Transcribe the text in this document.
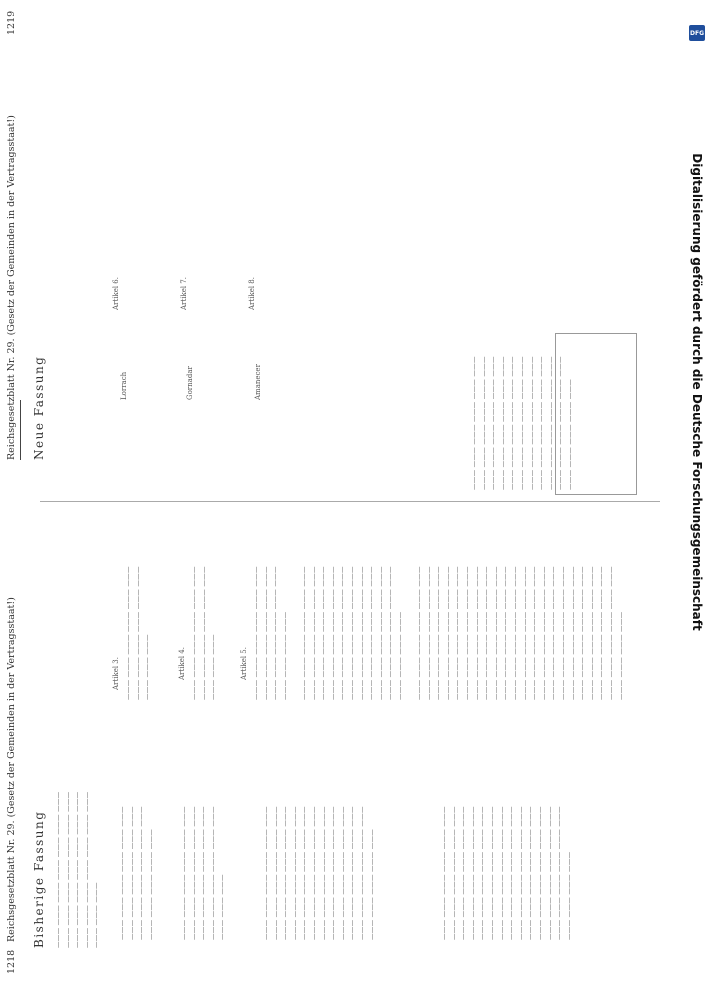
1218
Reichsgesetzblatt Nr. 29. (Gesetz der Gemeinden in der Vertragsstaat!) Bisherige Fassung ——— ——— ——— ——— ——— ——— ——— ——— ——— ——— ——— ——— ——— ——— ——— ——— ——— ——— ——— ——— ——— ——— ——— ——— ——— ——— ——— ——— ——— ——— ———	——— ——— ——— ——— ——— ——— ——— ——— ——— ——— ——— ——— ——— ——— ——— ——— ——— ——— ——— ——— ——— ——— ———	——— ——— ——— ——— ——— ——— ——— ——— ——— ——— ——— ——— ——— ——— ——— ——— ——— ——— ——— ——— ——— ——— ——— ——— ——— ——— ———	——— ——— ——— ——— ——— ——— ——— ——— ——— ——— ——— ——— ——— ——— ——— ——— ——— ——— ——— ——— ——— ——— ——— ——— ——— ——— ——— ——— ——— ——— ——— ——— ——— ——— ——— ——— ——— ——— ——— ——— ——— ——— ——— ——— ——— ——— ——— ——— ——— ——— ——— ——— ——— ——— ——— ——— ——— ——— ——— ——— ——— ——— ——— ——— ——— ——— ——— ——— ——— ——— ———	——— ——— ——— ——— ——— ——— ——— ——— ——— ——— ——— ——— ——— ——— ——— ——— ——— ——— ——— ——— ——— ——— ——— ——— ——— ——— ——— ——— ——— ——— ——— ——— ——— ——— ——— ——— ——— ——— ——— ——— ——— ——— ——— ——— ——— ——— ——— ——— ——— ——— ——— ——— ——— ——— ——— ——— ——— ——— ——— ——— ——— ——— ——— ——— ——— ——— ——— ——— ——— ——— ——— ——— ——— ——— ——— ——— ——— ——— ——— ——— ——— ———
Artikel 3. ——— ——— ——— ——— ——— ——— ——— ——— ——— ——— ——— ——— ——— ——— ———	Artikel 4. ——— ——— ——— ——— ——— ——— ——— ——— ——— ——— ——— ——— ——— ——— ———	Artikel 5. ——— ——— ——— ——— ——— ——— ——— ——— ——— ——— ——— ——— ——— ——— ——— ——— ——— ——— ——— ——— ——— ———
——— ——— ——— ——— ——— ——— ——— ——— ——— ——— ——— ——— ——— ——— ——— ——— ——— ——— ——— ——— ——— ——— ——— ——— ——— ——— ——— ——— ——— ——— ——— ——— ——— ——— ——— ——— ——— ——— ——— ——— ——— ——— ——— ——— ——— ——— ——— ——— ——— ——— ——— ——— ——— ——— ——— ——— ——— ——— ——— ——— ——— ——— ——— ———
——— ——— ——— ——— ——— ——— ——— ——— ——— ——— ——— ——— ——— ——— ——— ——— ——— ——— ——— ——— ——— ——— ——— ——— ——— ——— ——— ——— ——— ——— ——— ——— ——— ——— ——— ——— ——— ——— ——— ——— ——— ——— ——— ——— ——— ——— ——— ——— ——— ——— ——— ——— ——— ——— ——— ——— ——— ——— ——— ——— ——— ——— ——— ——— ——— ——— ——— ——— ——— ——— ——— ——— ——— ——— ——— ——— ——— ——— ——— ——— ——— ——— ——— ——— ——— ——— ——— ——— ——— ——— ——— ——— ——— ——— ——— ——— ——— ——— ——— ——— ——— ——— ——— ——— ——— ——— ——— ——— ——— ——— ——— ——— ——— ——— ——— ——— ——— ——— ——— ——— ——— ——— ——— ——— ——— ——— ——— ——— ——— ———
Reichsgesetzblatt Nr. 29. (Gesetz der Gemeinden in der Vertragsstaat!)
1219
Neue Fassung
Artikel 6.
Lorrach
Artikel 7.
Gornadar
Artikel 8.
Amanecer	——— ——— ——— ——— ——— ——— ——— ——— ——— ——— ——— ——— ——— ——— ——— ——— ——— ——— ——— ——— ——— ——— ——— ——— ——— ——— ——— ——— ——— ——— ——— ——— ——— ——— ——— ——— ——— ——— ——— ——— ——— ——— ——— ——— ——— ——— ——— ——— ——— ——— ——— ——— ——— ——— ——— ——— ——— ——— ——— ——— ——— ——— ——— ——— ———
DFG
Digitalisierung gefördert durch die Deutsche Forschungsgemeinschaft
